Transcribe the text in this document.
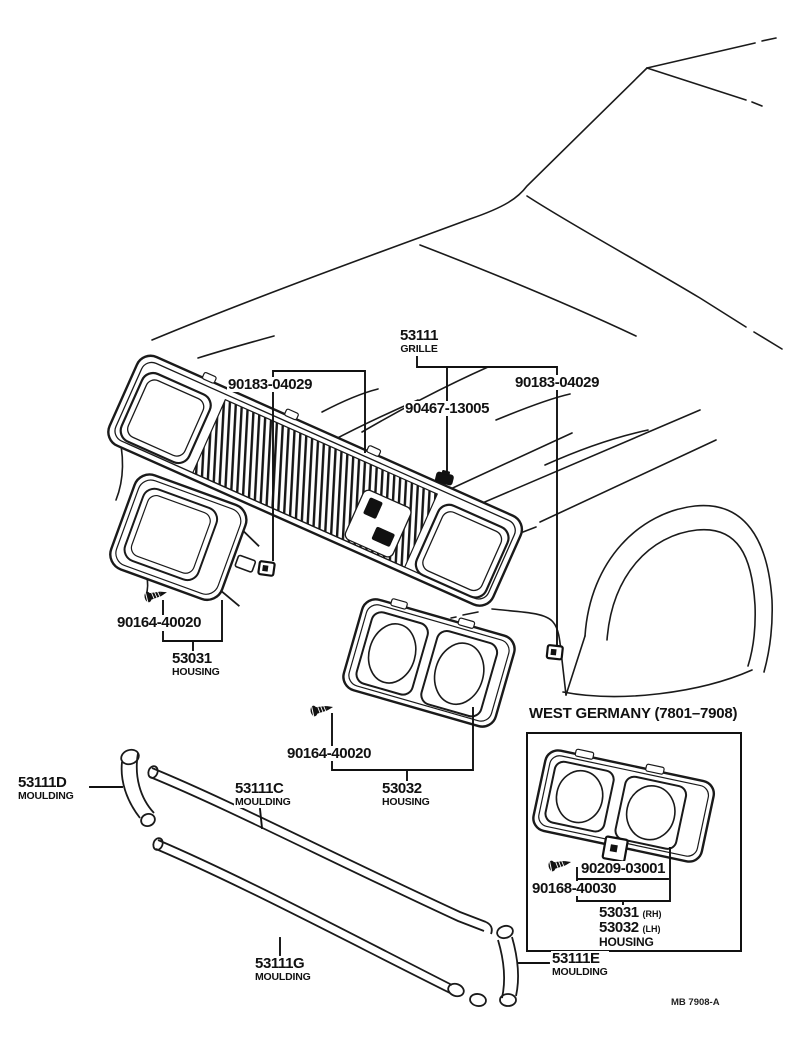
53111
GRILLE
90183-04029	90183-04029
90467-13005
90164-40020
53031
HOUSING
90164-40020
53032
HOUSING
WEST GERMANY (7801–7908)
90209-03001
90168-40030
53031 (RH)
53032 (LH)
HOUSING
53111D
MOULDING	53111C
MOULDING
53111G
MOULDING
53111E
MOULDING
MB 7908-A
